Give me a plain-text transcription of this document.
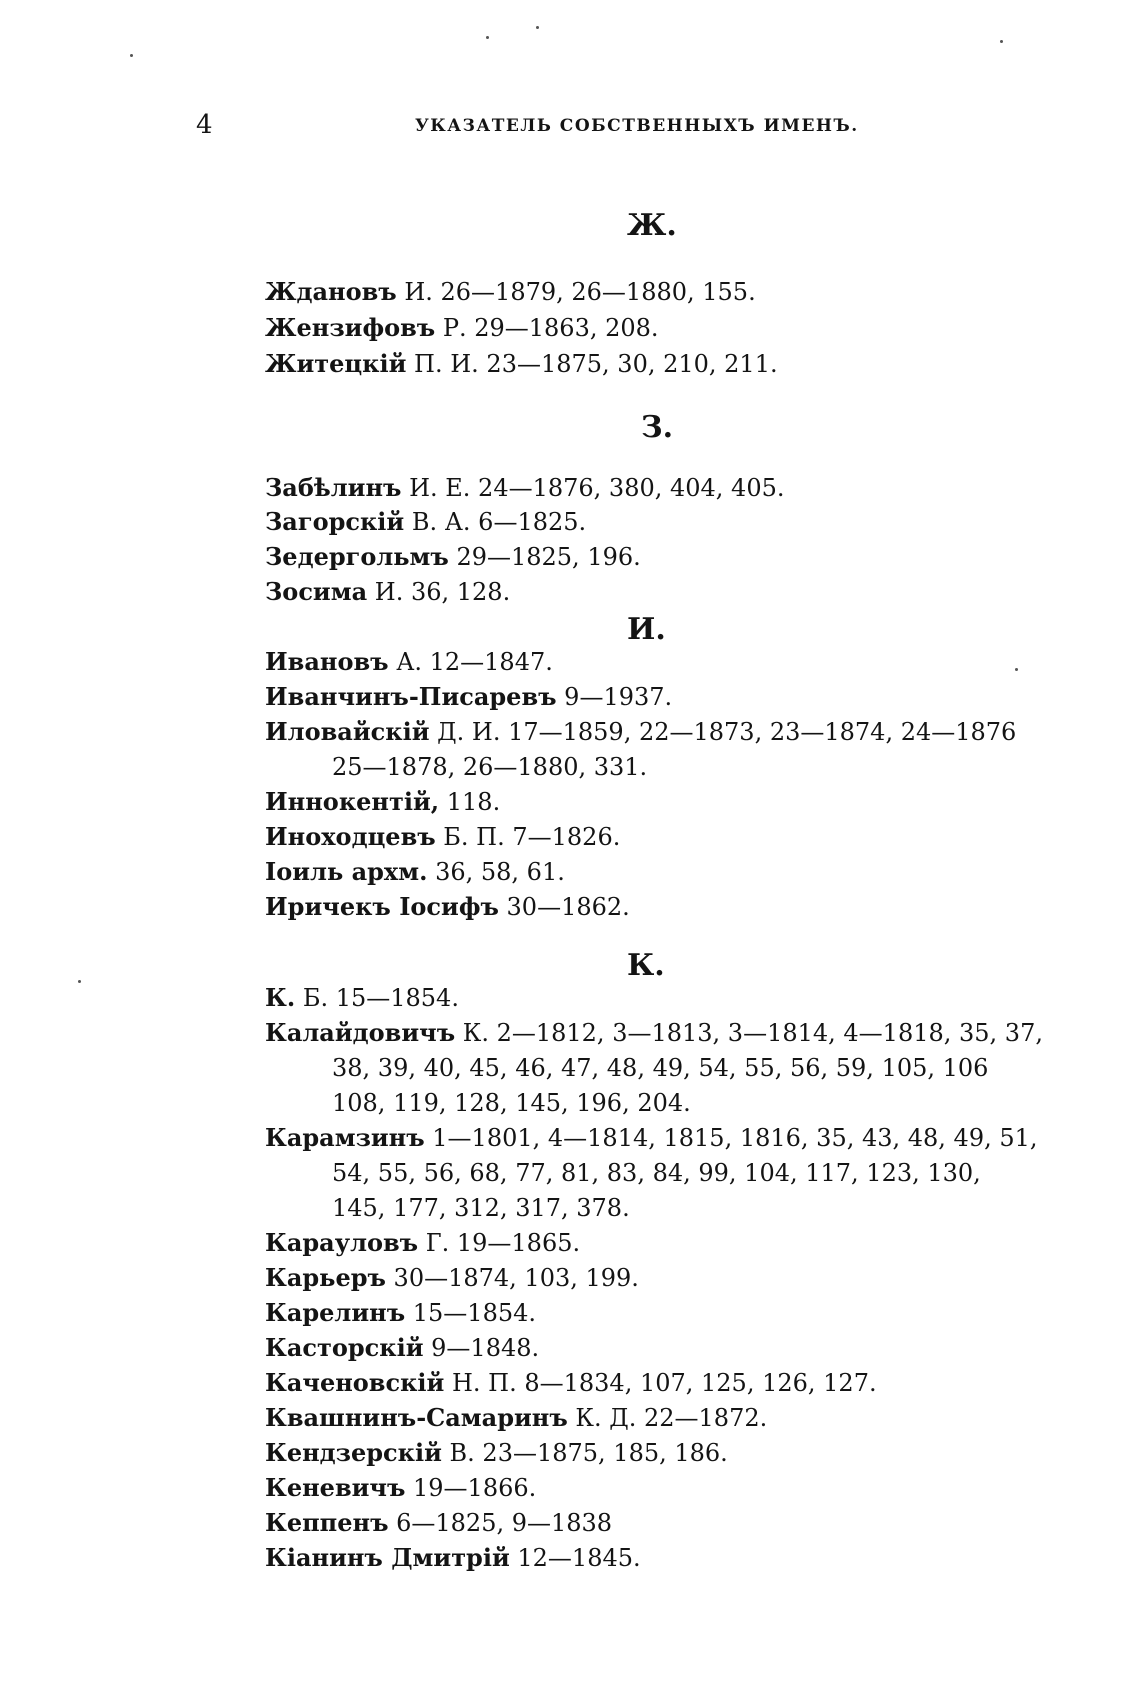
4	УКАЗАТЕЛЬ СОБСТВЕННЫХЪ ИМЕНЪ.
Ж.
Ждановъ И. 26—1879, 26—1880, 155.
Жензифовъ Р. 29—1863, 208.
Житецкій П. И. 23—1875, 30, 210, 211.
З.
Забѣлинъ И. Е. 24—1876, 380, 404, 405.
Загорскій В. А. 6—1825.
Зедергольмъ 29—1825, 196.
Зосима И. 36, 128.
И.
Ивановъ А. 12—1847.
Иванчинъ-Писаревъ 9—1937.
Иловайскій Д. И. 17—1859, 22—1873, 23—1874, 24—1876
25—1878, 26—1880, 331.
Иннокентій, 118.
Иноходцевъ Б. П. 7—1826.
Іоиль архм. 36, 58, 61.
Иричекъ Іосифъ 30—1862.
К.
К. Б. 15—1854.
Калайдовичъ К. 2—1812, 3—1813, 3—1814, 4—1818, 35, 37,
38, 39, 40, 45, 46, 47, 48, 49, 54, 55, 56, 59, 105, 106
108, 119, 128, 145, 196, 204.
Карамзинъ 1—1801, 4—1814, 1815, 1816, 35, 43, 48, 49, 51,
54, 55, 56, 68, 77, 81, 83, 84, 99, 104, 117, 123, 130,
145, 177, 312, 317, 378.
Карауловъ Г. 19—1865.
Карьеръ 30—1874, 103, 199.
Карелинъ 15—1854.
Касторскій 9—1848.
Каченовскій Н. П. 8—1834, 107, 125, 126, 127.
Квашнинъ-Самаринъ К. Д. 22—1872.
Кендзерскій В. 23—1875, 185, 186.
Кеневичъ 19—1866.
Кеппенъ 6—1825, 9—1838
Кіанинъ Дмитрій 12—1845.
